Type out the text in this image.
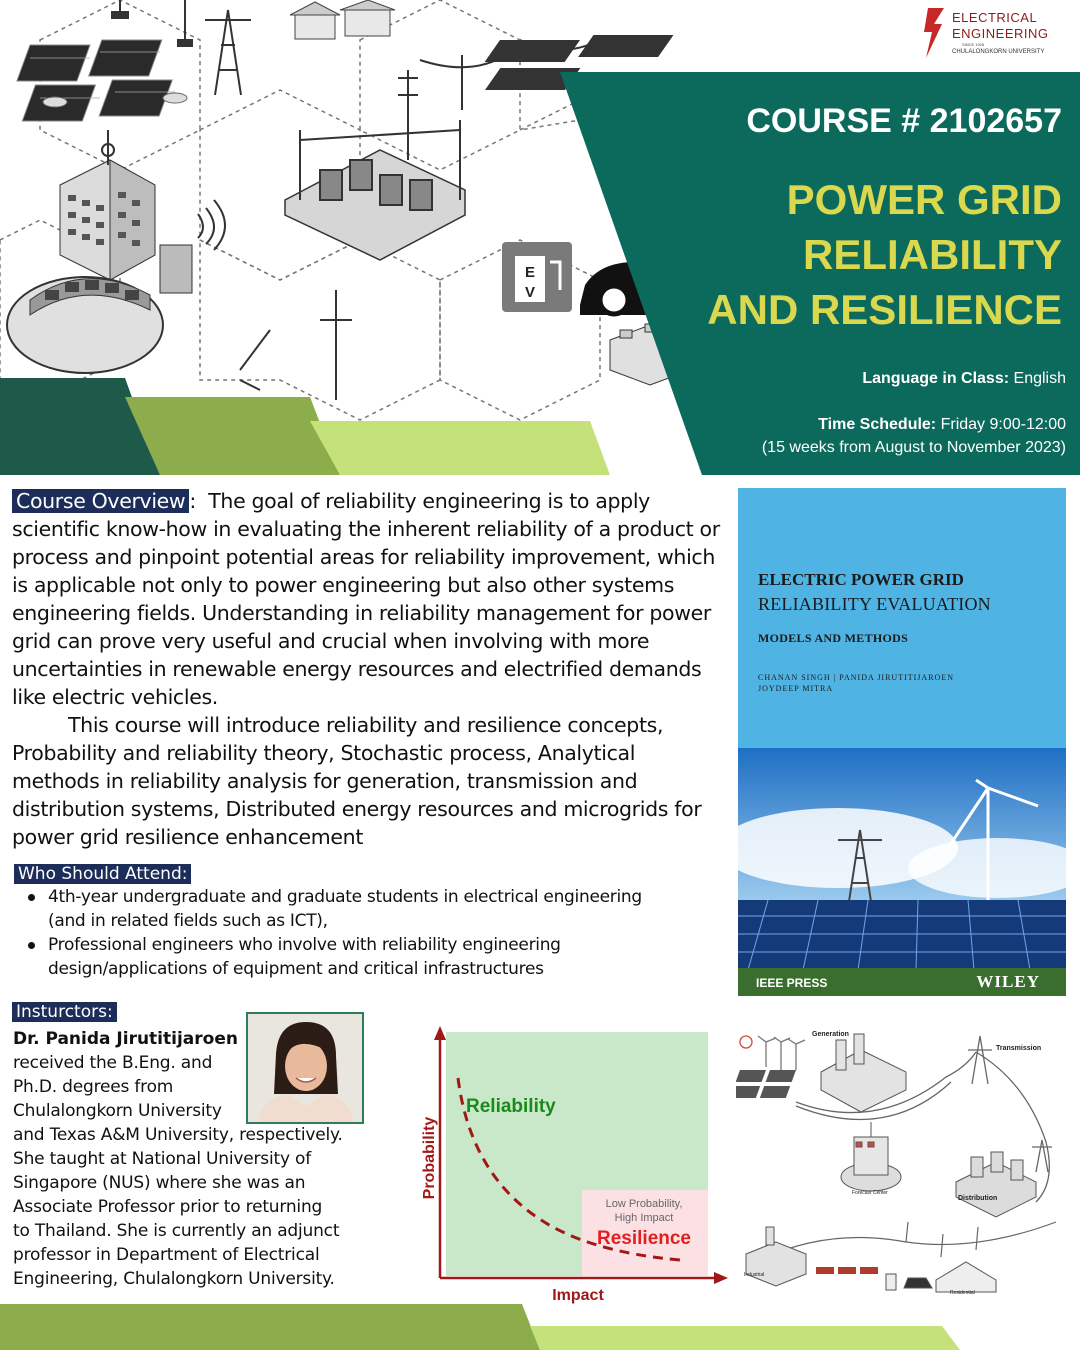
E
V
ELECTRICAL
ENGINEERING
SINCE 1926
CHULALONGKORN UNIVERSITY
COURSE # 2102657
POWER GRID
RELIABILITY
AND RESILIENCE
Language in Class: English
Time Schedule: Friday 9:00-12:00
(15 weeks from August to November 2023)

Course Overview :  The goal of reliability engineering is to apply scientific know-how in evaluating the inherent reliability of a product or process and pinpoint potential areas for reliability improvement, which is applicable not only to power engineering but also other systems engineering fields. Understanding in reliability management for power grid can prove very useful and crucial when involving with more uncertainties in renewable energy resources and electrified demands like electric vehicles.

This course will introduce reliability and resilience concepts, Probability and reliability theory, Stochastic process, Analytical methods in reliability analysis for generation, transmission and distribution systems, Distributed energy resources and microgrids for power grid resilience enhancement

Who Should Attend:
4th-year undergraduate and graduate students in electrical engineering (and in related fields such as ICT),
Professional engineers who involve with reliability engineering design/applications of equipment and critical infrastructures
Insturctors:
Dr. Panida Jirutitijaroen
received the B.Eng. and
Ph.D. degrees from
Chulalongkorn University
and Texas A&M University, respectively.
She taught at National University of
Singapore (NUS) where she was an
Associate Professor prior to returning
to Thailand. She is currently an adjunct
professor in Department of Electrical
Engineering, Chulalongkorn University.
ELECTRIC POWER GRID
RELIABILITY EVALUATION
MODELS AND METHODS
CHANAN SINGH | PANIDA JIRUTITIJAROEN
JOYDEEP MITRA
IEEE PRESS	WILEY
Reliability
Low Probability,
High Impact
Resilience
Impact
Probability
Generation
Transmission
Forecast Center
Distribution
Industrial
Residential
